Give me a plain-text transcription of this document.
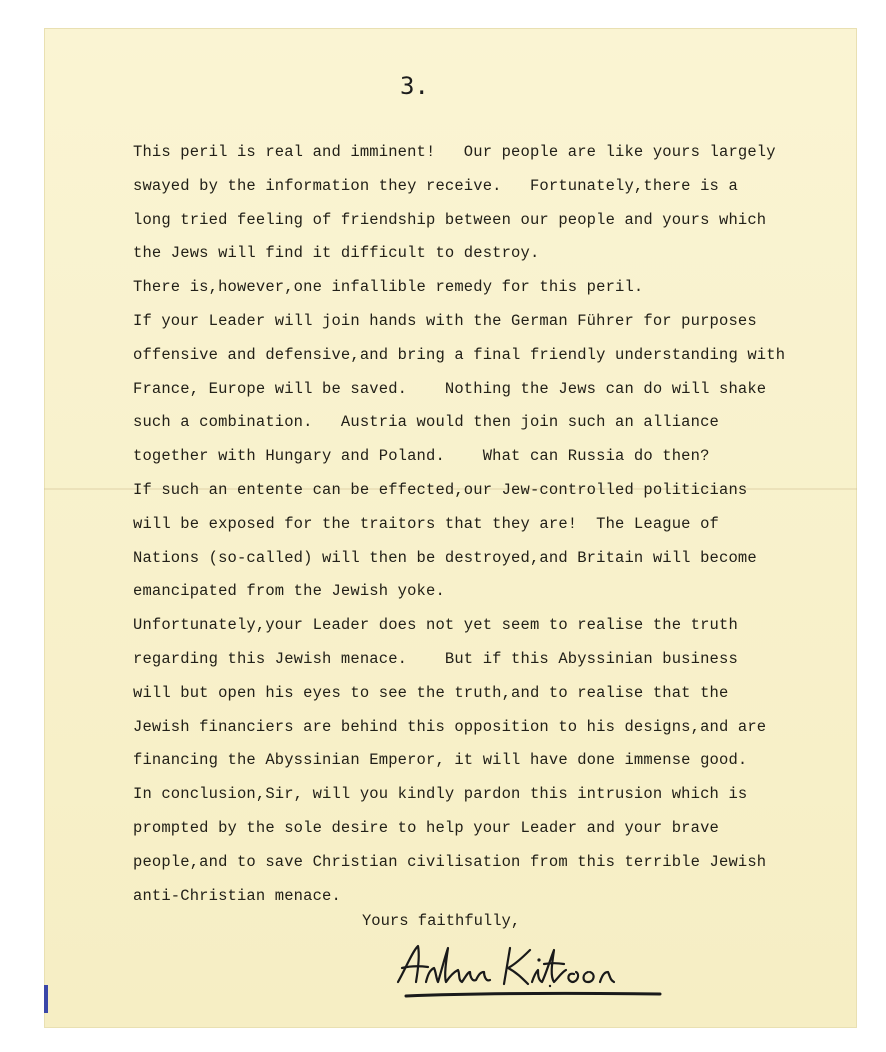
3.
This peril is real and imminent!   Our people are like yours largely
swayed by the information they receive.   Fortunately,there is a
long tried feeling of friendship between our people and yours which
the Jews will find it difficult to destroy.
There is,however,one infallible remedy for this peril.
If your Leader will join hands with the German Führer for purposes
offensive and defensive,and bring a final friendly understanding with
France, Europe will be saved.    Nothing the Jews can do will shake
such a combination.   Austria would then join such an alliance
together with Hungary and Poland.    What can Russia do then?
If such an entente can be effected,our Jew-controlled politicians
will be exposed for the traitors that they are!  The League of
Nations (so-called) will then be destroyed,and Britain will become
emancipated from the Jewish yoke.
Unfortunately,your Leader does not yet seem to realise the truth
regarding this Jewish menace.    But if this Abyssinian business
will but open his eyes to see the truth,and to realise that the
Jewish financiers are behind this opposition to his designs,and are
financing the Abyssinian Emperor, it will have done immense good.
In conclusion,Sir, will you kindly pardon this intrusion which is
prompted by the sole desire to help your Leader and your brave
people,and to save Christian civilisation from this terrible Jewish
anti-Christian menace.
Yours faithfully,
